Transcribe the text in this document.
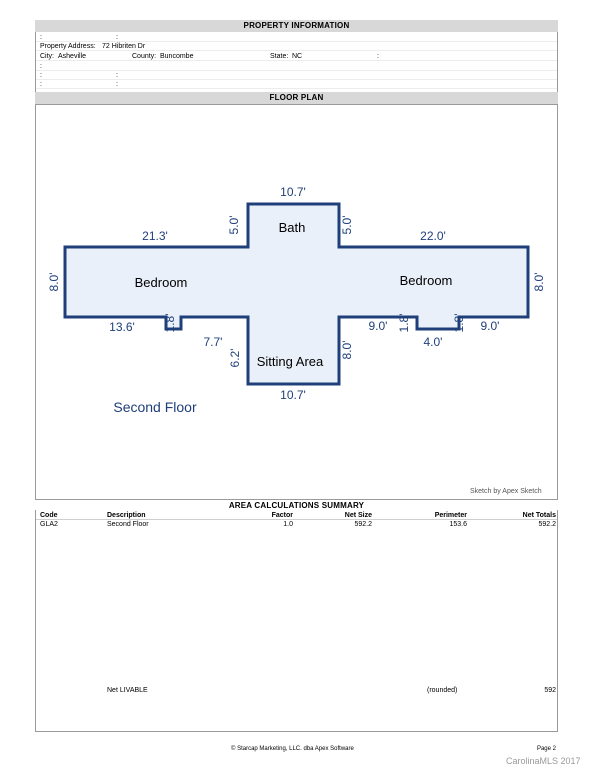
PROPERTY INFORMATION
:	:
Property Address: 72 Hibriten Dr
City: Asheville	County: Buncombe	State: NC	:
:
:	:
:	:
FLOOR PLAN
Bath
Bedroom	Bedroom
Sitting Area
10.7'
5.0'	5.0'
21.3'	22.0'
8.0'	8.0'
13.6' 1.8'
7.7'
6.2'	8.0'
9.0' 1.8'
4.0'
1.8' 9.0'
10.7'
Second Floor
Sketch by Apex Sketch
AREA CALCULATIONS SUMMARY
Code	Description	Factor	Net Size	Perimeter	Net Totals
GLA2	Second Floor	1.0	592.2	153.6	592.2
Net LIVABLE	(rounded)	592
© Starcap Marketing, LLC. dba Apex Software	Page 2
CarolinaMLS 2017
